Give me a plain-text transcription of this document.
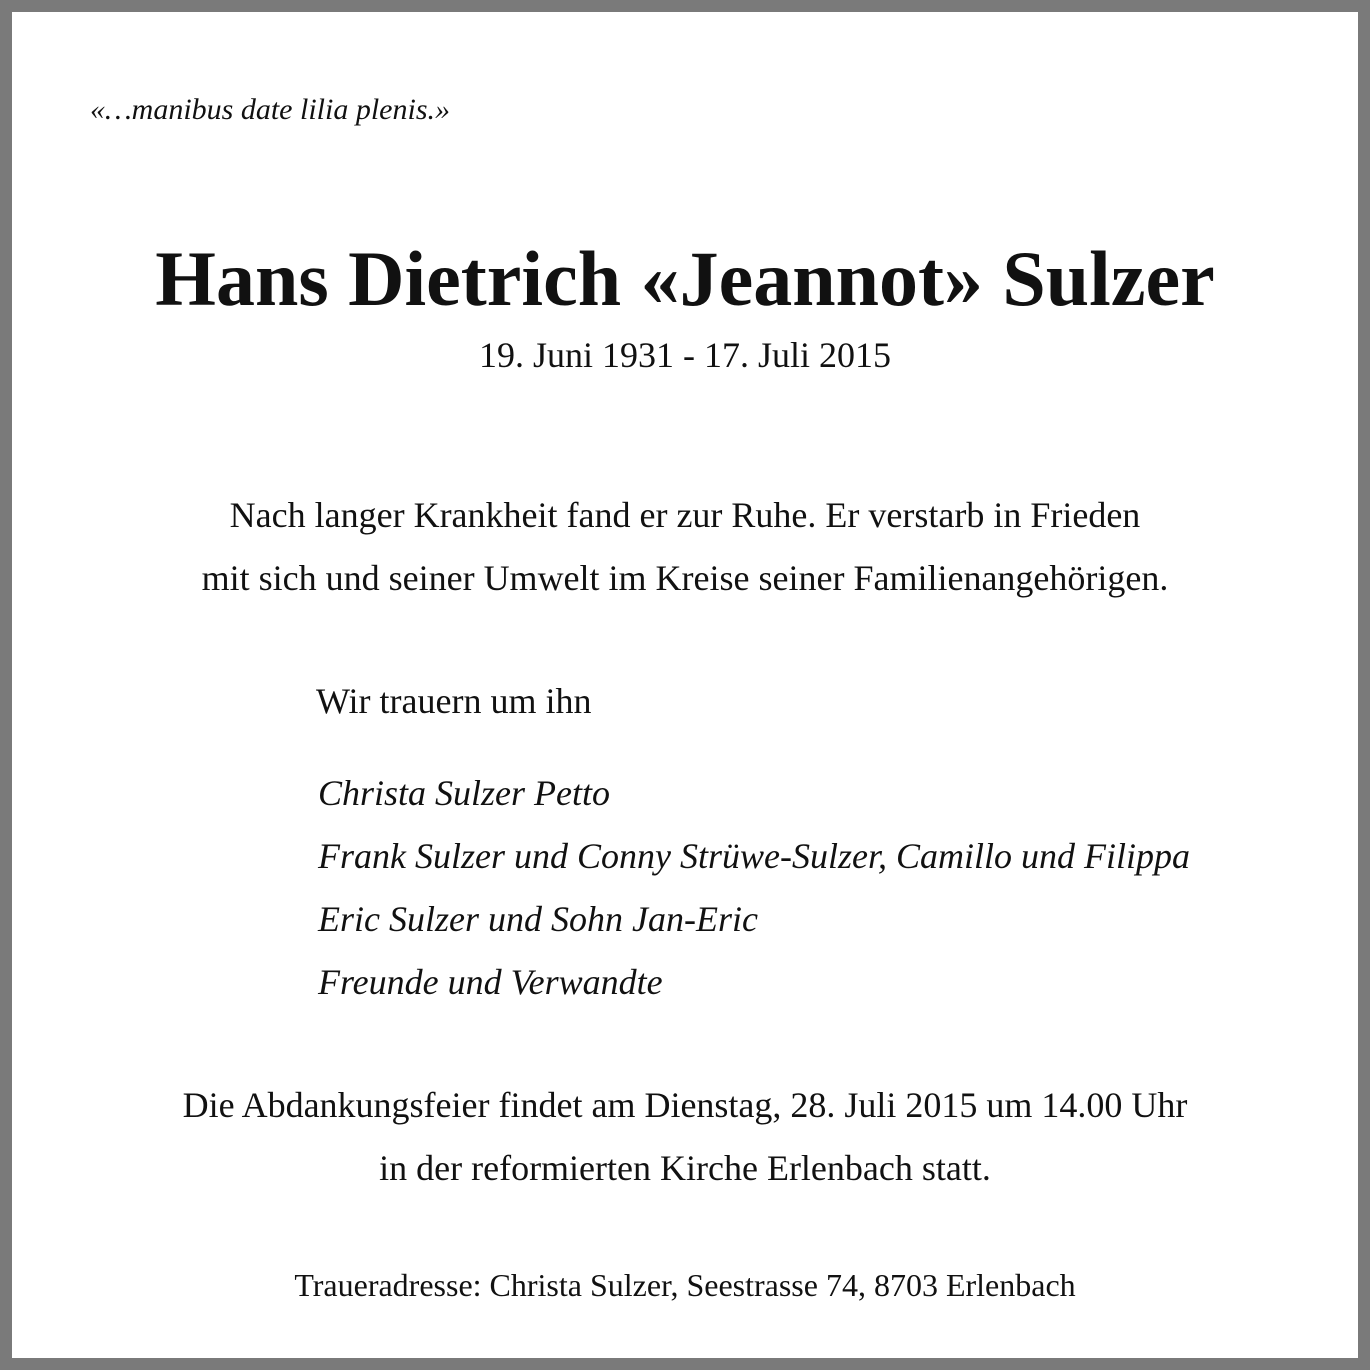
«…manibus date lilia plenis.»
Hans Dietrich «Jeannot» Sulzer
19. Juni 1931 - 17. Juli 2015
Nach langer Krankheit fand er zur Ruhe. Er verstarb in Frieden
mit sich und seiner Umwelt im Kreise seiner Familienangehörigen.
Wir trauern um ihn
Christa Sulzer Petto
Frank Sulzer und Conny Strüwe-Sulzer, Camillo und Filippa
Eric Sulzer und Sohn Jan-Eric
Freunde und Verwandte
Die Abdankungsfeier findet am Dienstag, 28. Juli 2015 um 14.00 Uhr
in der reformierten Kirche Erlenbach statt.
Traueradresse: Christa Sulzer, Seestrasse 74, 8703 Erlenbach
